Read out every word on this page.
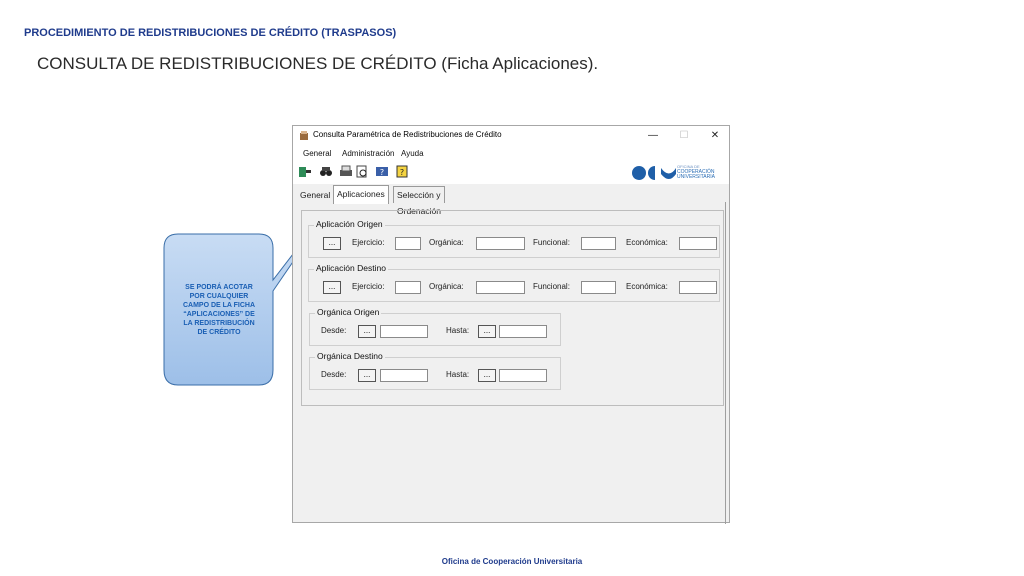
PROCEDIMIENTO DE REDISTRIBUCIONES DE CRÉDITO (TRASPASOS)
CONSULTA DE REDISTRIBUCIONES DE CRÉDITO (Ficha Aplicaciones).
SE PODRÁ ACOTAR
POR CUALQUIER
CAMPO DE LA FICHA
“APLICACIONES” DE
LA REDISTRIBUCIÓN
DE CRÉDITO
Consulta Paramétrica de Redistribuciones de Crédito	—	☐	✕
General Administración Ayuda
? ?
OFICINA DE
COOPERACIÓN
UNIVERSITARIA
General Aplicaciones	Selección y Ordenación
Aplicación Origen
...	Ejercicio:	Orgánica:	Funcional:	Económica:
Aplicación Destino
...	Ejercicio:	Orgánica:	Funcional:	Económica:
Orgánica Origen
Desde:	...	Hasta:	...
Orgánica Destino
Desde:	...	Hasta:	...
Oficina de Cooperación Universitaria
